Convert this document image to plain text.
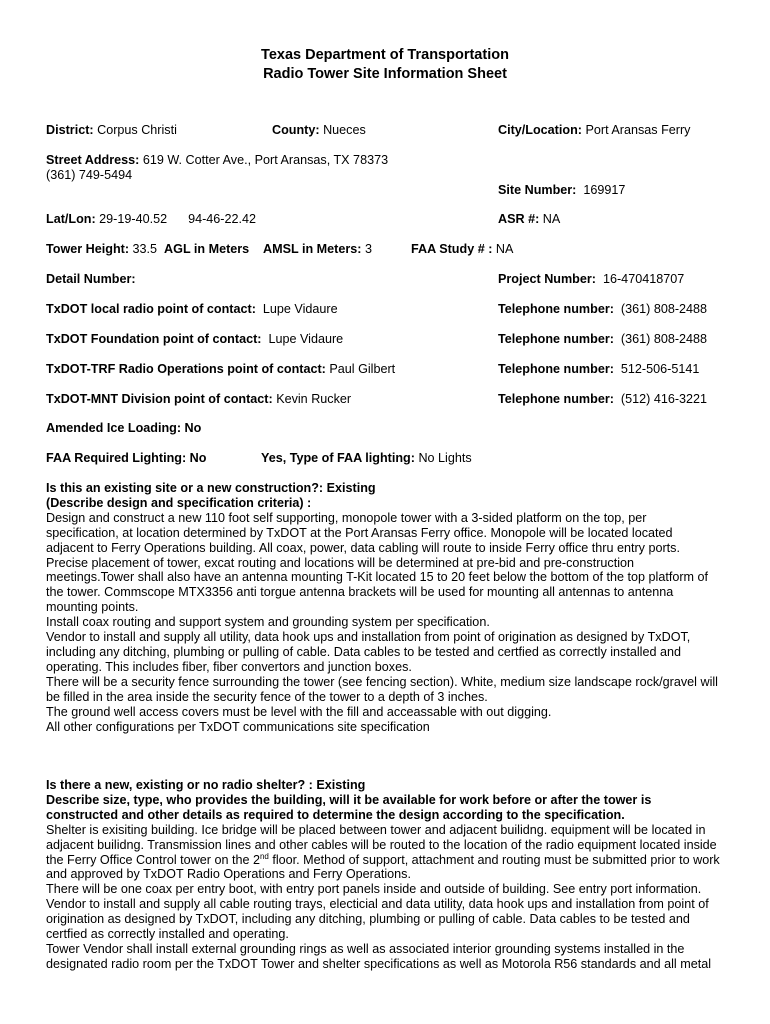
Texas Department of Transportation
Radio Tower Site Information Sheet
District: Corpus Christi	County: Nueces	City/Location: Port Aransas Ferry
Street Address: 619 W. Cotter Ave., Port Aransas, TX 78373
(361) 749-5494
Site Number: 169917
Lat/Lon: 29-19-40.52 94-46-22.42	ASR #: NA
Tower Height: 33.5 AGL in Meters AMSL in Meters: 3	FAA Study # : NA
Detail Number:	Project Number: 16-470418707
TxDOT local radio point of contact: Lupe Vidaure	Telephone number: (361) 808-2488
TxDOT Foundation point of contact: Lupe Vidaure	Telephone number: (361) 808-2488
TxDOT-TRF Radio Operations point of contact: Paul Gilbert	Telephone number: 512-506-5141
TxDOT-MNT Division point of contact: Kevin Rucker	Telephone number: (512) 416-3221
Amended Ice Loading: No
FAA Required Lighting: No	Yes, Type of FAA lighting: No Lights
Is this an existing site or a new construction?: Existing
(Describe design and specification criteria) :
Design and construct a new 110 foot self supporting, monopole tower with a 3-sided platform on the top, per
specification, at location determined by TxDOT at the Port Aransas Ferry office. Monopole will be located located
adjacent to Ferry Operations building. All coax, power, data cabling will route to inside Ferry office thru entry ports.
Precise placement of tower, excat routing and locations will be determined at pre-bid and pre-construction
meetings.Tower shall also have an antenna mounting T-Kit located 15 to 20 feet below the bottom of the top platform of
the tower. Commscope MTX3356 anti torgue antenna brackets will be used for mounting all antennas to antenna
mounting points.
Install coax routing and support system and grounding system per specification.
Vendor to install and supply all utility, data hook ups and installation from point of origination as designed by TxDOT,
including any ditching, plumbing or pulling of cable. Data cables to be tested and certfied as correctly installed and
operating. This includes fiber, fiber convertors and junction boxes.
There will be a security fence surrounding the tower (see fencing section). White, medium size landscape rock/gravel will
be filled in the area inside the security fence of the tower to a depth of 3 inches.
The ground well access covers must be level with the fill and acceassable with out digging.
All other configurations per TxDOT communications site specification
Is there a new, existing or no radio shelter? : Existing
Describe size, type, who provides the building, will it be available for work before or after the tower is
constructed and other details as required to determine the design according to the specification.
Shelter is exisiting building. Ice bridge will be placed between tower and adjacent builidng. equipment will be located in
adjacent builidng. Transmission lines and other cables will be routed to the location of the radio equipment located inside
the Ferry Office Control tower on the 2nd floor. Method of support, attachment and routing must be submitted prior to work
and approved by TxDOT Radio Operations and Ferry Operations.
There will be one coax per entry boot, with entry port panels inside and outside of building. See entry port information.
Vendor to install and supply all cable routing trays, electicial and data utility, data hook ups and installation from point of
origination as designed by TxDOT, including any ditching, plumbing or pulling of cable. Data cables to be tested and
certfied as correctly installed and operating.
Tower Vendor shall install external grounding rings as well as associated interior grounding systems installed in the
designated radio room per the TxDOT Tower and shelter specifications as well as Motorola R56 standards and all metal
